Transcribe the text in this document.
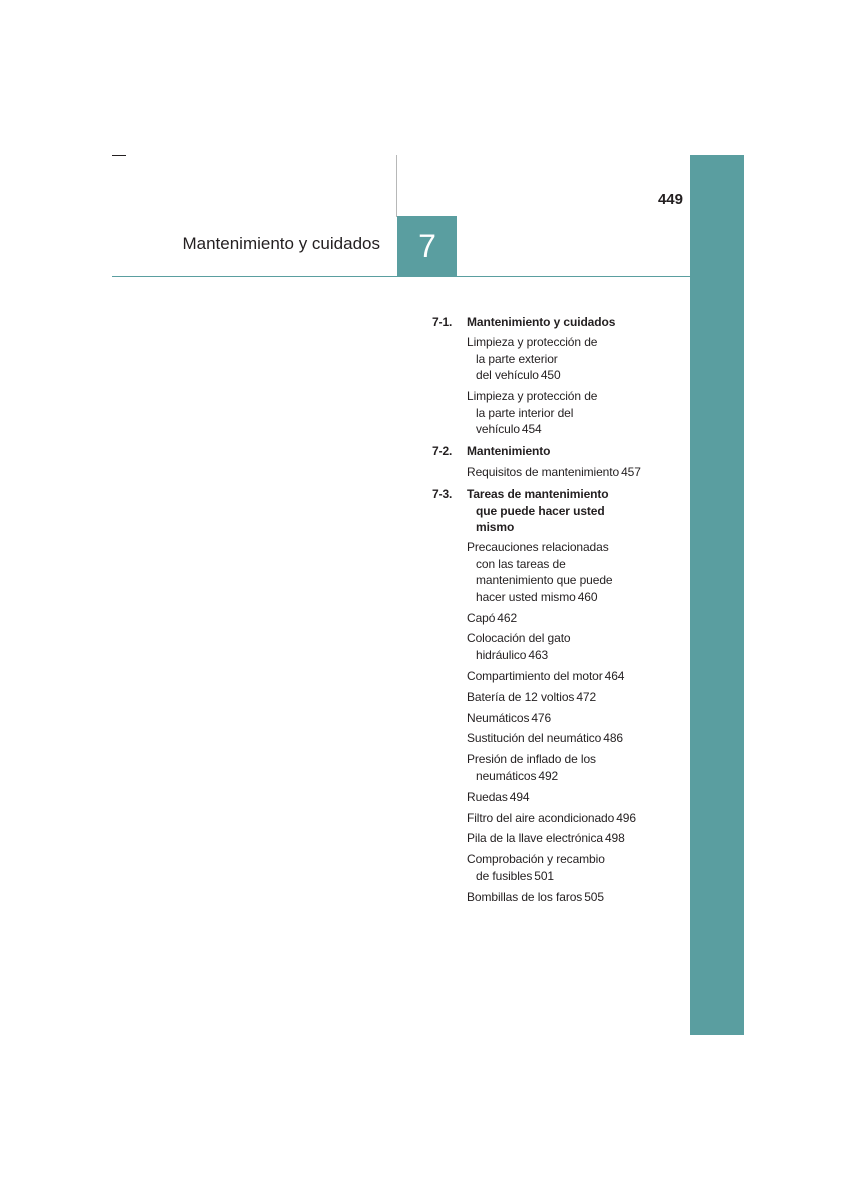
449
Mantenimiento y cuidados 7
7-1.	Mantenimiento y cuidados
Limpieza y protección de
la parte exterior
del vehículo 450
Limpieza y protección de
la parte interior del
vehículo 454
7-2.	Mantenimiento
Requisitos de mantenimiento 457
7-3.	Tareas de mantenimiento
que puede hacer usted
mismo
Precauciones relacionadas
con las tareas de
mantenimiento que puede
hacer usted mismo 460
Capó 462
Colocación del gato
hidráulico 463
Compartimiento del motor 464
Batería de 12 voltios 472
Neumáticos 476
Sustitución del neumático 486
Presión de inflado de los
neumáticos 492
Ruedas 494
Filtro del aire acondicionado 496
Pila de la llave electrónica 498
Comprobación y recambio
de fusibles 501
Bombillas de los faros 505
